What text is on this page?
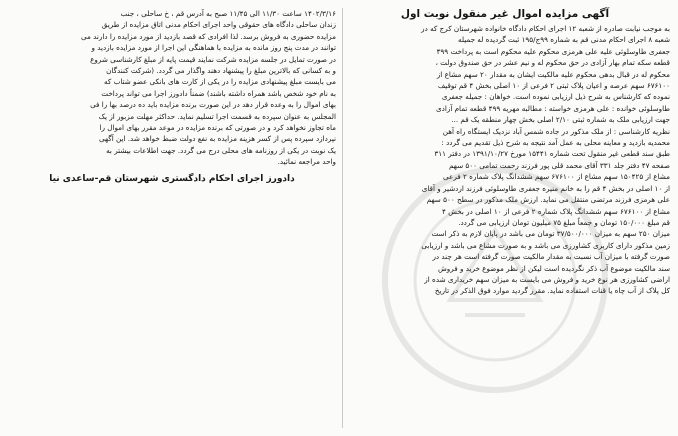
آگهی مزایده اموال غیر منقول نوبت اول
به موجب نیابت صادره از شعبه ۱۲ اجرای احکام دادگاه خانواده شهرستان کرج که در
شعبه ۸ اجرای احکام مدنی قم به شماره ۹۹ج/۱۹۵ ثبت گردیده له جمیله
جعفری طاوسلوئی علیه علی هرمزی محکوم علیه محکوم است به پرداخت ۴۹۹
قطعه سکه تمام بهار آزادی در حق محکوم له و نیم عشر در حق صندوق دولت ،
محکوم له در قبال بدهی محکوم علیه مالکیت ایشان به مقدار ۲۰ سهم مشاع از
۶۷۶۱۰۰ سهم عرصه و اعیان پلاک ثبتی ۲ فرعی از ۱۰ اصلی بخش ۴ قم توقیف
نموده که کارشناس به شرح ذیل ارزیابی نموده است. خواهان : جمیله جعفری
طاوسلوئی خوانده : علی هرمزی خواسته : مطالبه مهریه ۴۹۹ قطعه تمام آزادی
جهت ارزیابی ملک به شماره ثبتی ۲/۱۰ اصلی بخش چهار منطقه یک قم ...
نظریه کارشناسی : از ملک مذکور در جاده شمس آباد نزدیک ایستگاه راه آهن
محمدیه بازدید و معاینه محلی به عمل آمد نتیجه به شرح ذیل تقدیم می گردد :
طبق سند قطعی غیر منقول تحت شماره ۱۵۴۴۱ مورخ ۱۳۹۱/۱۰/۲۷ در دفتر ۳۱۱
صفحه ۴۷ دفتر جلد ۳۳۱ آقای محمد قلی پور فرزند رحمت تمامی ۵۰۰ سهم
مشاع از ۱۵۰۴۲۵ سهم مشاع از ۶۷۶۱۰۰ سهم ششدانگ پلاک شماره ۲ فرعی
از ۱۰ اصلی در بخش ۴ قم را به خانم منیره جعفری طاوسلوئی فرزند اردشیر و آقای
علی هرمزی فرزند مرتضی منتقل می نماید. ارزش ملک مذکور در سطح ۵۰۰ سهم
مشاع از ۶۷۶۱۰۰ سهم ششدانگ پلاک شماره ۲ فرعی از ۱۰ اصلی در بخش ۴
قم مبلغ ۱۵۰/۰۰۰ تومان و جمعاً مبلغ ۷۵ میلیون تومان ارزیابی می گردد.
میزان ۲۵۰ سهم به میزان ۳۷/۵۰۰/۰۰۰ تومان می باشد در پایان لازم به ذکر است
زمین مذکور دارای کاربری کشاورزی می باشد و به صورت مشاع می باشد و ارزیابی
صورت گرفته با میزان آب نسبت به مقدار مالکیت صورت گرفته است هر چند در
سند مالکیت موضوع آب ذکر نگردیده است لیکن از نظر موضوع خرید و فروش
اراضی کشاورزی هر نوع خرید و فروش می بایست به میزان سهم خریداری شده از
کل پلاک از آب چاه یا قنات استفاده نماید. مقرر گردید موارد فوق الذکر در تاریخ
۱۴۰۲/۳/۱۶ ساعت ۱۱/۳۰ الی ۱۱/۴۵ صبح به آدرس قم ، خ ساحلی ، جنب
زندان ساحلی دادگاه های حقوقی واحد اجرای احکام مدنی اتاق مزایده از طریق
مزایده حضوری به فروش برسد. لذا افرادی که قصد بازدید از مورد مزایده را دارند می
توانند در مدت پنج روز مانده به مزایده با هماهنگی این اجرا از مورد مزایده بازدید و
در صورت تمایل در جلسه مزایده شرکت نمایند قیمت پایه از مبلغ کارشناسی شروع
و به کسانی که بالاترین مبلغ را پیشنهاد دهند واگذار می گردد. (شرکت کنندگان
می بایست مبلغ پیشنهادی مزایده را در یکی از کارت های بانکی عضو شتاب که
به نام خود شخص باشد همراه داشته باشند) ضمناً دادورز اجرا می تواند پرداخت
بهای اموال را به وعده قرار دهد در این صورت برنده مزایده باید ده درصد بها را فی
المجلس به عنوان سپرده به قسمت اجرا تسلیم نماید. حداکثر مهلت مزبور از یک
ماه تجاوز نخواهد کرد و در صورتی که برنده مزایده در موعد مقرر بهای اموال را
نپردازد سپرده پس از کسر هزینه مزایده به نفع دولت ضبط خواهد شد. این آگهی
یک نوبت در یکی از روزنامه های محلی درج می گردد. جهت اطلاعات بیشتر به
واحد مراجعه نمائید.
دادورز اجرای احکام دادگستری شهرستان قم-ساعدی نیا
